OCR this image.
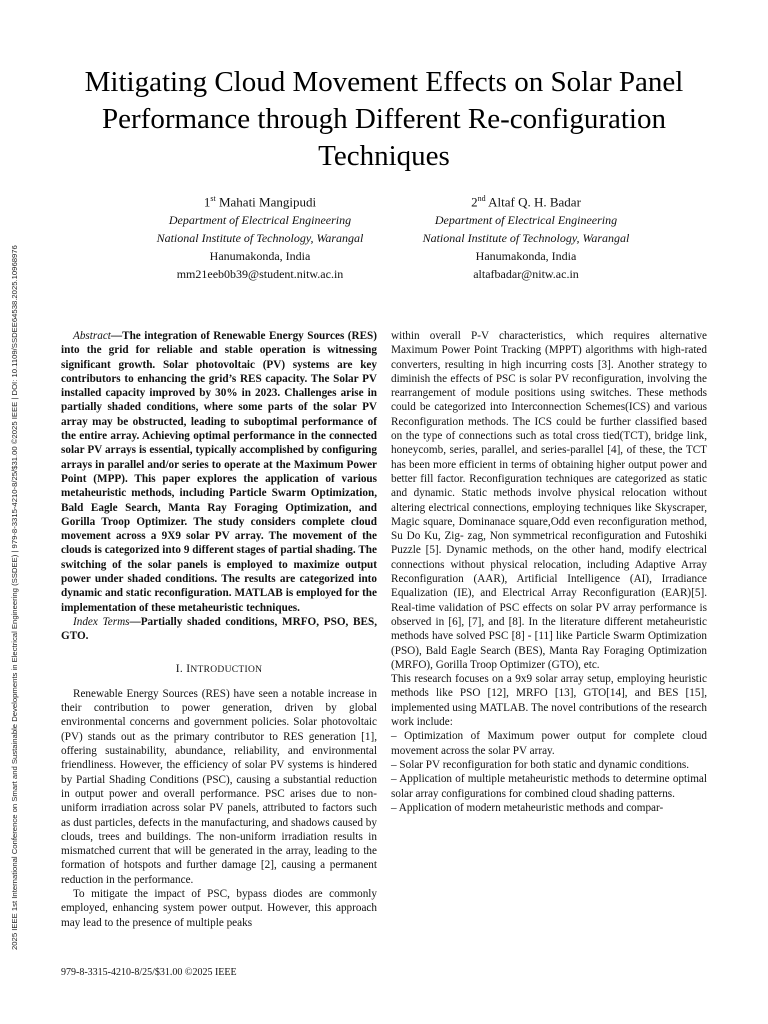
2025 IEEE 1st International Conference on Smart and Sustainable Developments in Electrical Engineering (SSDEE) | 979-8-3315-4210-8/25/$31.00 ©2025 IEEE | DOI: 10.1109/SSDEE64538.2025.10968976
Mitigating Cloud Movement Effects on Solar Panel Performance through Different Re-configuration Techniques
1st Mahati Mangipudi
Department of Electrical Engineering
National Institute of Technology, Warangal
Hanumakonda, India
mm21eeb0b39@student.nitw.ac.in
2nd Altaf Q. H. Badar
Department of Electrical Engineering
National Institute of Technology, Warangal
Hanumakonda, India
altafbadar@nitw.ac.in

Abstract—The integration of Renewable Energy Sources (RES) into the grid for reliable and stable operation is witnessing significant growth. Solar photovoltaic (PV) systems are key contributors to enhancing the grid’s RES capacity. The Solar PV installed capacity improved by 30% in 2023. Challenges arise in partially shaded conditions, where some parts of the solar PV array may be obstructed, leading to suboptimal performance of the entire array. Achieving optimal performance in the connected solar PV arrays is essential, typically accomplished by configuring arrays in parallel and/or series to operate at the Maximum Power Point (MPP). This paper explores the application of various metaheuristic methods, including Particle Swarm Optimization, Bald Eagle Search, Manta Ray Foraging Optimization, and Gorilla Troop Optimizer. The study considers complete cloud movement across a 9X9 solar PV array. The movement of the clouds is categorized into 9 different stages of partial shading. The switching of the solar panels is employed to maximize output power under shaded conditions. The results are categorized into dynamic and static reconfiguration. MATLAB is employed for the implementation of these metaheuristic techniques.

Index Terms—Partially shaded conditions, MRFO, PSO, BES, GTO.

I. INTRODUCTION

Renewable Energy Sources (RES) have seen a notable increase in their contribution to power generation, driven by global environmental concerns and government policies. Solar photovoltaic (PV) stands out as the primary contributor to RES generation [1], offering sustainability, abundance, reliability, and environmental friendliness. However, the efficiency of solar PV systems is hindered by Partial Shading Conditions (PSC), causing a substantial reduction in output power and overall performance. PSC arises due to non-uniform irradiation across solar PV panels, attributed to factors such as dust particles, defects in the manufacturing, and shadows caused by clouds, trees and buildings. The non-uniform irradiation results in mismatched current that will be generated in the array, leading to the formation of hotspots and further damage [2], causing a permanent reduction in the performance.

To mitigate the impact of PSC, bypass diodes are commonly employed, enhancing system power output. However, this approach may lead to the presence of multiple peaks

within overall P-V characteristics, which requires alternative Maximum Power Point Tracking (MPPT) algorithms with high-rated converters, resulting in high incurring costs [3]. Another strategy to diminish the effects of PSC is solar PV reconfiguration, involving the rearrangement of module positions using switches. These methods could be categorized into Interconnection Schemes(ICS) and various Reconfiguration methods. The ICS could be further classified based on the type of connections such as total cross tied(TCT), bridge link, honeycomb, series, parallel, and series-parallel [4], of these, the TCT has been more efficient in terms of obtaining higher output power and better fill factor. Reconfiguration techniques are categorized as static and dynamic. Static methods involve physical relocation without altering electrical connections, employing techniques like Skyscraper, Magic square, Dominanace square,Odd even reconfiguration method, Su Do Ku, Zig- zag, Non symmetrical reconfiguration and Futoshiki Puzzle [5]. Dynamic methods, on the other hand, modify electrical connections without physical relocation, including Adaptive Array Reconfiguration (AAR), Artificial Intelligence (AI), Irradiance Equalization (IE), and Electrical Array Reconfiguration (EAR)[5]. Real-time validation of PSC effects on solar PV array performance is observed in [6], [7], and [8]. In the literature different metaheuristic methods have solved PSC [8] - [11] like Particle Swarm Optimization (PSO), Bald Eagle Search (BES), Manta Ray Foraging Optimization (MRFO), Gorilla Troop Optimizer (GTO), etc.

This research focuses on a 9x9 solar array setup, employing heuristic methods like PSO [12], MRFO [13], GTO[14], and BES [15], implemented using MATLAB. The novel contributions of the research work include:

– Optimization of Maximum power output for complete cloud movement across the solar PV array.

– Solar PV reconfiguration for both static and dynamic conditions.

– Application of multiple metaheuristic methods to determine optimal solar array configurations for combined cloud shading patterns.

– Application of modern metaheuristic methods and compar-

979-8-3315-4210-8/25/$31.00 ©2025 IEEE
